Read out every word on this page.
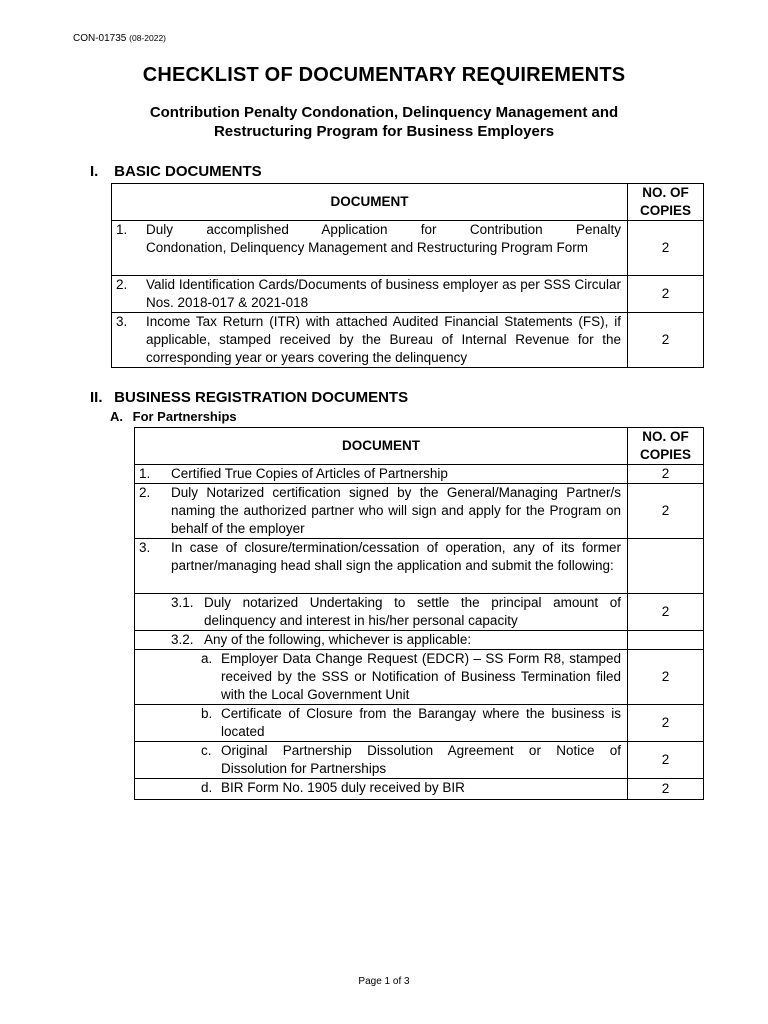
CON-01735 (08-2022)
CHECKLIST OF DOCUMENTARY REQUIREMENTS
Contribution Penalty Condonation, Delinquency Management and
Restructuring Program for Business Employers
I. BASIC DOCUMENTS
DOCUMENT	NO. OF
COPIES

1. Duly accomplished Application for Contribution Penalty
Condonation, Delinquency Management and Restructuring Program Form	2

2. Valid Identification Cards/Documents of business employer as per SSS Circular Nos. 2018-017 & 2021-018	2

3. Income Tax Return (ITR) with attached Audited Financial Statements (FS), if applicable, stamped received by the Bureau of Internal Revenue for the corresponding year or years covering the delinquency	2
II. BUSINESS REGISTRATION DOCUMENTS
A. For Partnerships
DOCUMENT	NO. OF
COPIES

1. Certified True Copies of Articles of Partnership	2

2. Duly Notarized certification signed by the General/Managing Partner/s naming the authorized partner who will sign and apply for the Program on behalf of the employer	2

3. In case of closure/termination/cessation of operation, any of its former partner/managing head shall sign the application and submit the following:	

3.1. Duly notarized Undertaking to settle the principal amount of delinquency and interest in his/her personal capacity	2

3.2. Any of the following, whichever is applicable:	

a. Employer Data Change Request (EDCR) – SS Form R8, stamped received by the SSS or Notification of Business Termination filed with the Local Government Unit	2

b. Certificate of Closure from the Barangay where the business is located	2

c. Original Partnership Dissolution Agreement or Notice of Dissolution for Partnerships	2

d. BIR Form No. 1905 duly received by BIR	2
Page 1 of 3
